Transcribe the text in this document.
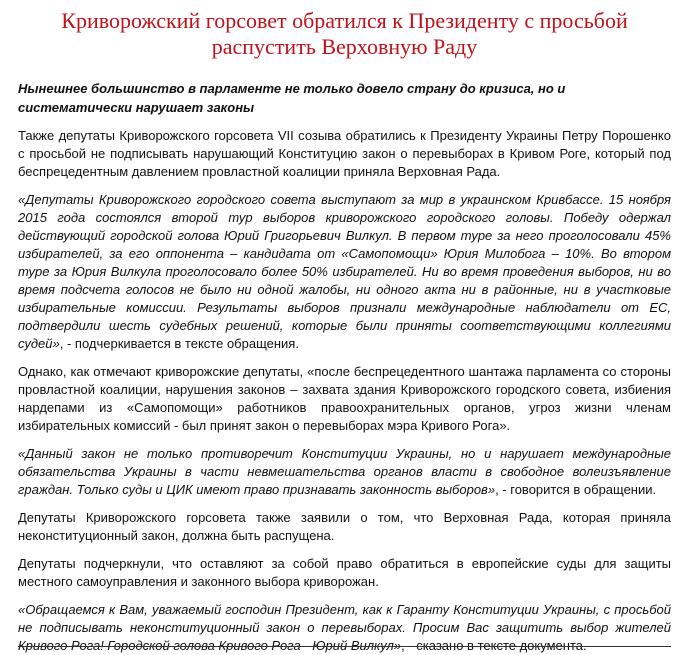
Криворожский горсовет обратился к Президенту с просьбой
распустить Верховную Раду
Нынешнее большинство в парламенте не только довело страну до кризиса, но и систематически нарушает законы

Также депутаты Криворожского горсовета VII созыва обратились к Президенту Украины Петру Порошенко с просьбой не подписывать нарушающий Конституцию закон о перевыборах в Кривом Роге, который под беспрецедентным давлением провластной коалиции приняла Верховная Рада.

«Депутаты Криворожского городского совета выступают за мир в украинском Кривбассе. 15 ноября 2015 года состоялся второй тур выборов криворожского городского головы. Победу одержал действующий городской голова Юрий Григорьевич Вилкул. В первом туре за него проголосовали 45% избирателей, за его оппонента – кандидата от «Самопомощи» Юрия Милобога – 10%. Во втором туре за Юрия Вилкула проголосовало более 50% избирателей. Ни во время проведения выборов, ни во время подсчета голосов не было ни одной жалобы, ни одного акта ни в районные, ни в участковые избирательные комиссии. Результаты выборов признали международные наблюдатели от ЕС, подтвердили шесть судебных решений, которые были приняты соответствующими коллегиями судей», - подчеркивается в тексте обращения.

Однако, как отмечают криворожские депутаты, «после беспрецедентного шантажа парламента со стороны провластной коалиции, нарушения законов – захвата здания Криворожского городского совета, избиения нардепами из «Самопомощи» работников правоохранительных органов, угроз жизни членам избирательных комиссий - был принят закон о перевыборах мэра Кривого Рога».

«Данный закон не только противоречит Конституции Украины, но и нарушает международные обязательства Украины в части невмешательства органов власти в свободное волеизъявление граждан. Только суды и ЦИК имеют право признавать законность выборов», - говорится в обращении.

Депутаты Криворожского горсовета также заявили о том, что Верховная Рада, которая приняла неконституционный закон, должна быть распущена.

Депутаты подчеркнули, что оставляют за собой право обратиться в европейские суды для защиты местного самоуправления и законного выбора криворожан.

«Обращаемся к Вам, уважаемый господин Президент, как к Гаранту Конституции Украины, с просьбой не подписывать неконституционный закон о перевыборах. Просим Вас защитить выбор жителей Кривого Рога! Городской голова Кривого Рога - Юрий Вилкул», - сказано в тексте документа.
